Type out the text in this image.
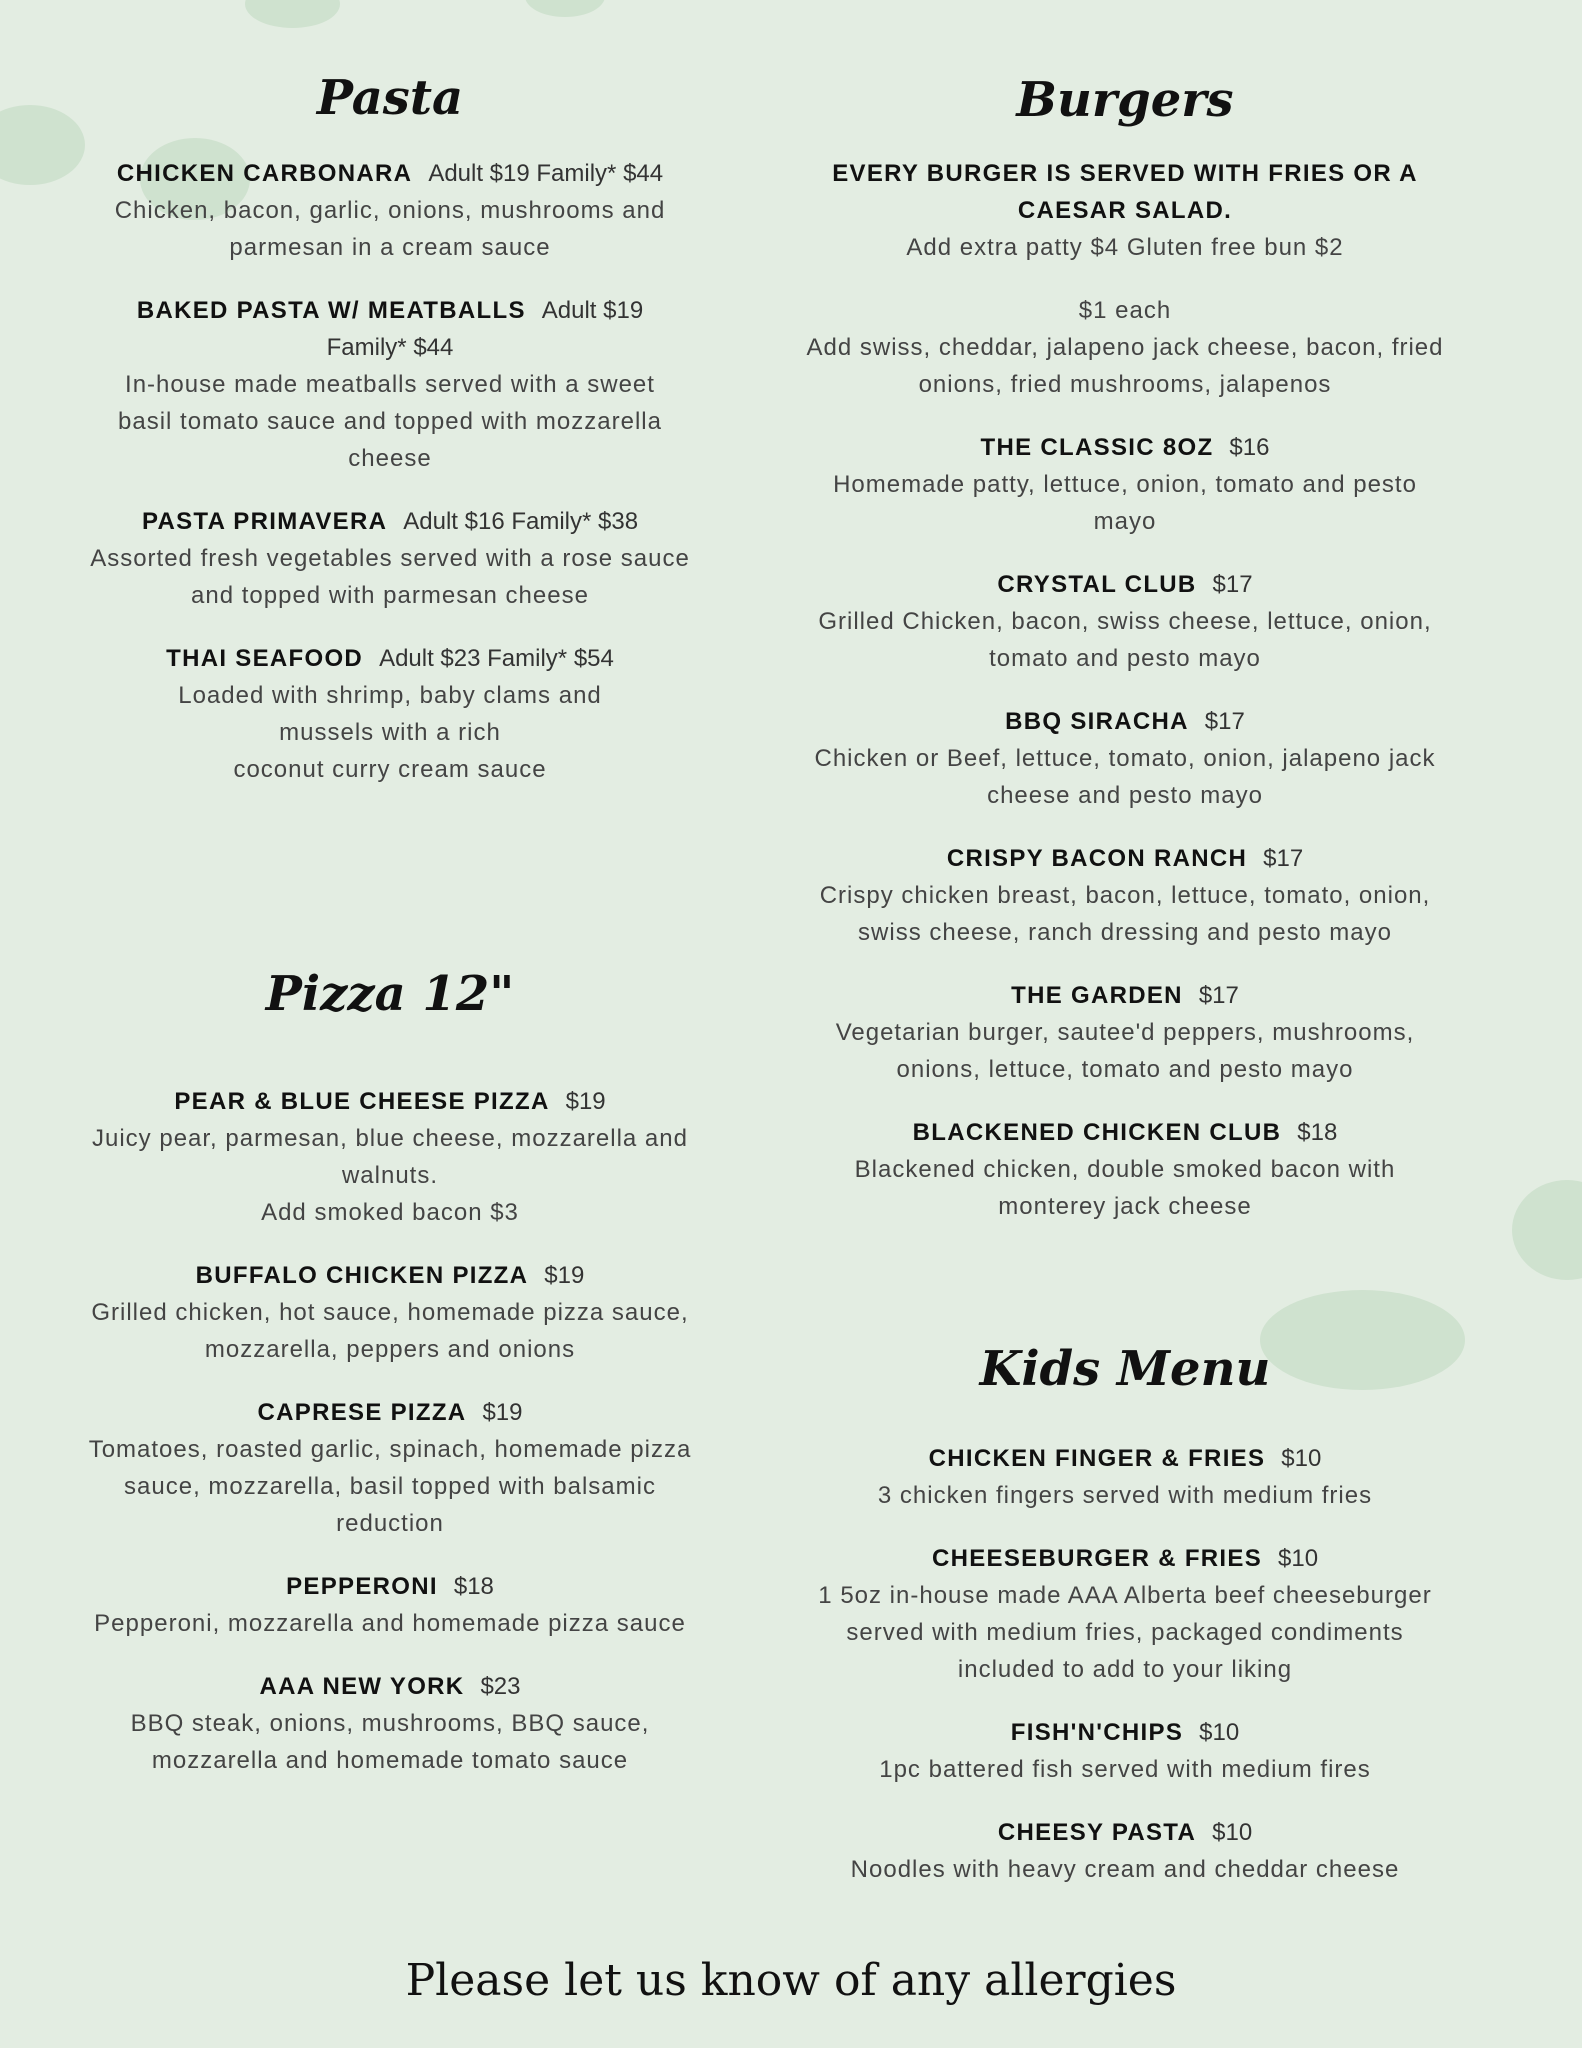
Pasta
CHICKEN CARBONARA Adult $19 Family* $44
Chicken, bacon, garlic, onions, mushrooms and parmesan in a cream sauce
BAKED PASTA W/ MEATBALLS Adult $19 Family* $44
In-house made meatballs served with a sweet basil tomato sauce and topped with mozzarella cheese
PASTA PRIMAVERA Adult $16 Family* $38
Assorted fresh vegetables served with a rose sauce and topped with parmesan cheese
THAI SEAFOOD Adult $23 Family* $54
Loaded with shrimp, baby clams and mussels with a rich
coconut curry cream sauce
Pizza 12"
PEAR & BLUE CHEESE PIZZA $19
Juicy pear, parmesan, blue cheese, mozzarella and walnuts.
Add smoked bacon $3
BUFFALO CHICKEN PIZZA $19
Grilled chicken, hot sauce, homemade pizza sauce, mozzarella, peppers and onions
CAPRESE PIZZA $19
Tomatoes, roasted garlic, spinach, homemade pizza sauce, mozzarella, basil topped with balsamic reduction
PEPPERONI $18
Pepperoni, mozzarella and homemade pizza sauce
AAA NEW YORK $23
BBQ steak, onions, mushrooms, BBQ sauce, mozzarella and homemade tomato sauce
Burgers
EVERY BURGER IS SERVED WITH FRIES OR A CAESAR SALAD.
Add extra patty $4 Gluten free bun $2
$1 each
Add swiss, cheddar, jalapeno jack cheese, bacon, fried onions, fried mushrooms, jalapenos
THE CLASSIC 8OZ $16
Homemade patty, lettuce, onion, tomato and pesto mayo
CRYSTAL CLUB $17
Grilled Chicken, bacon, swiss cheese, lettuce, onion, tomato and pesto mayo
BBQ SIRACHA $17
Chicken or Beef, lettuce, tomato, onion, jalapeno jack cheese and pesto mayo
CRISPY BACON RANCH $17
Crispy chicken breast, bacon, lettuce, tomato, onion, swiss cheese, ranch dressing and pesto mayo
THE GARDEN $17
Vegetarian burger, sautee'd peppers, mushrooms, onions, lettuce, tomato and pesto mayo
BLACKENED CHICKEN CLUB $18
Blackened chicken, double smoked bacon with monterey jack cheese
Kids Menu
CHICKEN FINGER & FRIES $10
3 chicken fingers served with medium fries
CHEESEBURGER & FRIES $10
1 5oz in-house made AAA Alberta beef cheeseburger served with medium fries, packaged condiments included to add to your liking
FISH'N'CHIPS $10
1pc battered fish served with medium fires
CHEESY PASTA $10
Noodles with heavy cream and cheddar cheese
Please let us know of any allergies
